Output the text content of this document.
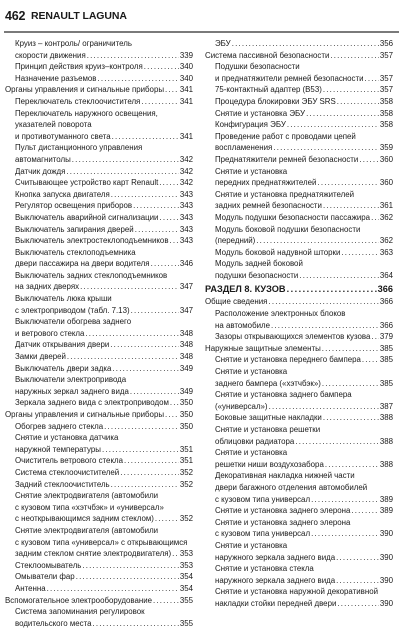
462 RENAULT LAGUNA
Круиз – контроль/ ограничитель
скорости движения . . .	339
Принцип действия круиз–контроля . . .	340
Назначение разъемов . . .	340
Органы управления и сигнальные приборы . . . 341
Переключатель стеклоочистителя . . .	341
Переключатель наружного освещения,
указателей поворота
и противотуманного света . . .	341
Пульт дистанционного управления
автомагнитолы . . .	342
Датчик дождя . . .	342
Считывающее устройство карт Renault . . .	342
Кнопка запуска двигателя . . .	343
Регулятор освещения приборов . . .	343
Выключатель аварийной сигнализации . . .	343
Выключатель запирания дверей . . .	343
Выключатель электростеклоподъемников . . . 343
Выключатель стеклоподъемника
двери пассажира на двери водителя . . .	346
Выключатель задних стеклоподъемников
на задних дверях . . .	347
Выключатель люка крыши
с электроприводом (табл. 7.13) . . .	347
Выключатели обогрева заднего
и ветрового стекла . . .	348
Датчик открывания двери . . .	348
Замки дверей . . .	348
Выключатель двери задка . . .	349
Выключатели электропривода
наружных зеркал заднего вида . . .	349
Зеркала заднего вида с электроприводом . . . 350
Органы управления и сигнальные приборы . . . 350
Обогрев заднего стекла . . .	350
Снятие и установка датчика
наружной температуры . . .	351
Очиститель ветрового стекла . . .	351
Система стеклоочистителей . . .	352
Задний стеклоочиститель . . .	352
Снятие электродвигателя (автомобили
с кузовом типа «хэтчбэк» и «универсал»
с неоткрывающимся задним стеклом) . . .	352
Снятие электродвигателя (автомобили
с кузовом типа «универсал» с открывающимся
задним стеклом снятие электродвигателя) . . . 353
Стеклоомыватель . . .	353
Омыватели фар . . .	354
Антенна . . .	354
Вспомогательное электрооборудование . . .	355
Система запоминания регулировок
водительского места . . .	355
ЭБУ . . .	356
Система пассивной безопасности . . .	357
Подушки безопасности
и преднатяжители ремней безопасности . . . 357
75-контактный адаптер (B53) . . .	357
Процедура блокировки ЭБУ SRS . . .	358
Снятие и установка ЭБУ . . .	358
Конфигурация ЭБУ . . .	358
Проведение работ с проводами цепей
воспламенения . . .	359
Преднатяжители ремней безопасности . . .	360
Снятие и установка
передних преднатяжителей . . .	360
Снятие и установка преднатяжителей
задних ремней безопасности . . .	361
Модуль подушки безопасности пассажира . . . 362
Модуль боковой подушки безопасности
(передний) . . .	362
Модуль боковой надувной шторки . . .	363
Модуль задней боковой
подушки безопасности . . .	364
РАЗДЕЛ 8. КУЗОВ . . .	366
Общие сведения . . .	366
Расположение электронных блоков
на автомобиле . . .	366
Зазоры открывающихся элементов кузова . . . 379
Наружные защитные элементы . . .	385
Снятие и установка переднего бампера . . . 385
Снятие и установка
заднего бампера («хэтчбэк») . . .	385
Снятие и установка заднего бампера
(«универсал») . . .	387
Боковые защитные накладки . . .	388
Снятие и установка решетки
облицовки радиатора . . .	388
Снятие и установка
решетки ниши воздухозабора . . .	388
Декоративная накладка нижней части
двери багажного отделения автомобилей
с кузовом типа универсал . . .	389
Снятие и установка заднего элерона . . .	389
Снятие и установка заднего элерона
с кузовом типа универсал . . .	390
Снятие и установка
наружного зеркала заднего вида . . .	390
Снятие и установка стекла
наружного зеркала заднего вида . . .	390
Снятие и установка наружной декоративной
накладки стойки передней двери . . .	390
